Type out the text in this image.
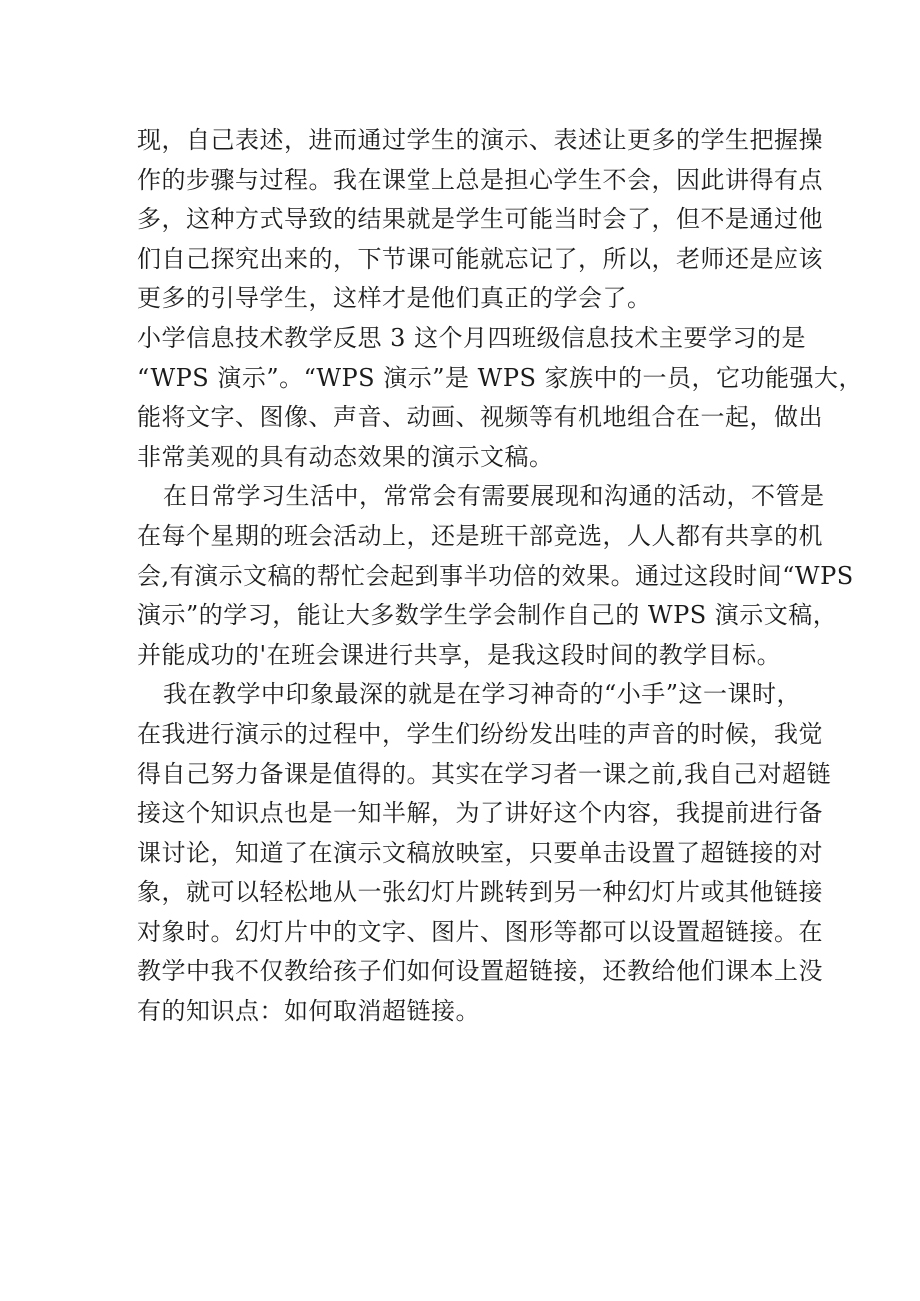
现，自己表述，进而通过学生的演示、表述让更多的学生把握操
作的步骤与过程。我在课堂上总是担心学生不会，因此讲得有点
多，这种方式导致的结果就是学生可能当时会了，但不是通过他
们自己探究出来的，下节课可能就忘记了，所以，老师还是应该
更多的引导学生，这样才是他们真正的学会了。

小学信息技术教学反思 3 这个月四班级信息技术主要学习的是
“WPS 演示”。“WPS 演示”是 WPS 家族中的一员，它功能强大，
能将文字、图像、声音、动画、视频等有机地组合在一起，做出
非常美观的具有动态效果的演示文稿。

在日常学习生活中，常常会有需要展现和沟通的活动，不管是
在每个星期的班会活动上，还是班干部竞选，人人都有共享的机
会,有演示文稿的帮忙会起到事半功倍的效果。通过这段时间“WPS
演示”的学习，能让大多数学生学会制作自己的 WPS 演示文稿，
并能成功的'在班会课进行共享，是我这段时间的教学目标。

我在教学中印象最深的就是在学习神奇的“小手”这一课时，
在我进行演示的过程中，学生们纷纷发出哇的声音的时候，我觉
得自己努力备课是值得的。其实在学习者一课之前,我自己对超链
接这个知识点也是一知半解，为了讲好这个内容，我提前进行备
课讨论，知道了在演示文稿放映室，只要单击设置了超链接的对
象，就可以轻松地从一张幻灯片跳转到另一种幻灯片或其他链接
对象时。幻灯片中的文字、图片、图形等都可以设置超链接。在
教学中我不仅教给孩子们如何设置超链接，还教给他们课本上没
有的知识点：如何取消超链接。
